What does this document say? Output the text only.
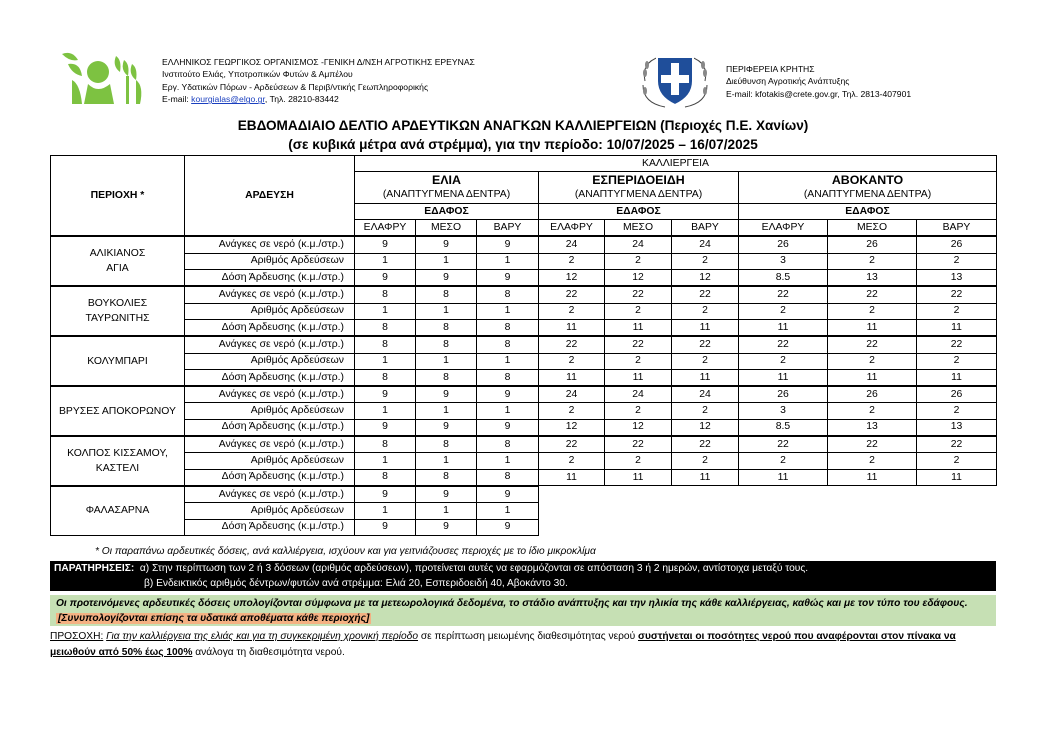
ΕΛΛΗΝΙΚΟΣ ΓΕΩΡΓΙΚΟΣ ΟΡΓΑΝΙΣΜΟΣ -ΓΕΝΙΚΗ Δ/ΝΣΗ ΑΓΡΟΤΙΚΗΣ ΕΡΕΥΝΑΣ
Ινστιτούτο Ελιάς, Υποτροπικών Φυτών & Αμπέλου
Εργ. Υδατικών Πόρων - Αρδεύσεων & Περιβ/ντικής Γεωπληροφορικής
E-mail: kourgialas@elgo.gr, Τηλ. 28210-83442
ΠΕΡΙΦΕΡΕΙΑ ΚΡΗΤΗΣ
Διεύθυνση Αγροτικής Ανάπτυξης
E-mail: kfotakis@crete.gov.gr, Τηλ. 2813-407901
ΕΒΔΟΜΑΔΙΑΙΟ ΔΕΛΤΙΟ ΑΡΔΕΥΤΙΚΩΝ ΑΝΑΓΚΩΝ ΚΑΛΛΙΕΡΓΕΙΩΝ (Περιοχές Π.Ε. Χανίων)
(σε κυβικά μέτρα ανά στρέμμα), για την περίοδο: 10/07/2025 – 16/07/2025
ΠΕΡΙΟΧΗ *	ΑΡΔΕΥΣΗ	ΚΑΛΛΙΕΡΓΕΙΑ								
		ΕΛΙΑ			ΕΣΠΕΡΙΔΟΕΙΔΗ			ΑΒΟΚΑΝΤΟ		
		(ΑΝΑΠΤΥΓΜΕΝΑ ΔΕΝΤΡΑ)			(ΑΝΑΠΤΥΓΜΕΝΑ ΔΕΝΤΡΑ)			(ΑΝΑΠΤΥΓΜΕΝΑ ΔΕΝΤΡΑ)		
		ΕΔΑΦΟΣ			ΕΔΑΦΟΣ			ΕΔΑΦΟΣ		
		ΕΛΑΦΡΥ	ΜΕΣΟ	ΒΑΡΥ	ΕΛΑΦΡΥ	ΜΕΣΟ	ΒΑΡΥ	ΕΛΑΦΡΥ	ΜΕΣΟ	ΒΑΡΥ

ΑΛΙΚΙΑΝΟΣ
ΑΓΙΑ	Ανάγκες σε νερό (κ.μ./στρ.)	9	9	9	24	24	24	26	26	26
	Αριθμός Αρδεύσεων	1	1	1	2	2	2	3	2	2
	Δόση Άρδευσης (κ.μ./στρ.)	9	9	9	12	12	12	8.5	13	13

ΒΟΥΚΟΛΙΕΣ
ΤΑΥΡΩΝΙΤΗΣ	Ανάγκες σε νερό (κ.μ./στρ.)	8	8	8	22	22	22	22	22	22
	Αριθμός Αρδεύσεων	1	1	1	2	2	2	2	2	2
	Δόση Άρδευσης (κ.μ./στρ.)	8	8	8	11	11	11	11	11	11

ΚΟΛΥΜΠΑΡΙ	Ανάγκες σε νερό (κ.μ./στρ.)	8	8	8	22	22	22	22	22	22
	Αριθμός Αρδεύσεων	1	1	1	2	2	2	2	2	2
	Δόση Άρδευσης (κ.μ./στρ.)	8	8	8	11	11	11	11	11	11

ΒΡΥΣΕΣ ΑΠΟΚΟΡΩΝΟΥ	Ανάγκες σε νερό (κ.μ./στρ.)	9	9	9	24	24	24	26	26	26
	Αριθμός Αρδεύσεων	1	1	1	2	2	2	3	2	2
	Δόση Άρδευσης (κ.μ./στρ.)	9	9	9	12	12	12	8.5	13	13

ΚΟΛΠΟΣ ΚΙΣΣΑΜΟΥ,
ΚΑΣΤΕΛΙ	Ανάγκες σε νερό (κ.μ./στρ.)	8	8	8	22	22	22	22	22	22
	Αριθμός Αρδεύσεων	1	1	1	2	2	2	2	2	2
	Δόση Άρδευσης (κ.μ./στρ.)	8	8	8	11	11	11	11	11	11

ΦΑΛΑΣΑΡΝΑ	Ανάγκες σε νερό (κ.μ./στρ.)	9	9	9						
	Αριθμός Αρδεύσεων	1	1	1						
	Δόση Άρδευσης (κ.μ./στρ.)	9	9	9						
* Οι παραπάνω αρδευτικές δόσεις, ανά καλλιέργεια, ισχύουν και για γειτνιάζουσες περιοχές με το ίδιο μικροκλίμα
ΠΑΡΑΤΗΡΗΣΕΙΣ: α) Στην περίπτωση των 2 ή 3 δόσεων (αριθμός αρδεύσεων), προτείνεται αυτές να εφαρμόζονται σε απόσταση 3 ή 2 ημερών, αντίστοιχα μεταξύ τους.
β) Ενδεικτικός αριθμός δέντρων/φυτών ανά στρέμμα: Ελιά 20, Εσπεριδοειδή 40, Αβοκάντο 30.
Οι προτεινόμενες αρδευτικές δόσεις υπολογίζονται σύμφωνα με τα μετεωρολογικά δεδομένα, το στάδιο ανάπτυξης και την ηλικία της κάθε καλλιέργειας, καθώς και με τον τύπο του εδάφους. [Συνυπολογίζονται επίσης τα υδατικά αποθέματα κάθε περιοχής]
ΠΡΟΣΟΧΗ: Για την καλλιέργεια της ελιάς και για τη συγκεκριμένη χρονική περίοδο σε περίπτωση μειωμένης διαθεσιμότητας νερού συστήνεται οι ποσότητες νερού που αναφέρονται στον πίνακα να μειωθούν από 50% έως 100% ανάλογα τη διαθεσιμότητα νερού.
